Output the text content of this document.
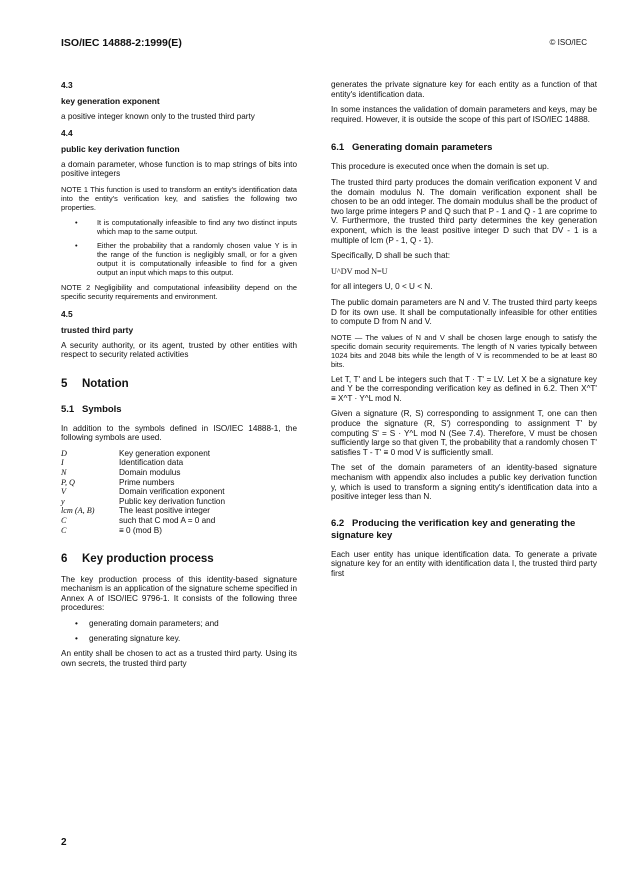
ISO/IEC 14888-2:1999(E)	© ISO/IEC

4.3

key generation exponent

a positive integer known only to the trusted third party

4.4

public key derivation function

a domain parameter, whose function is to map strings of bits into positive integers

NOTE 1 This function is used to transform an entity's identification data into the entity's verification key, and satisfies the following two properties.

• It is computationally infeasible to find any two distinct inputs which map to the same output.
• Either the probability that a randomly chosen value Y is in the range of the function is negligibly small, or for a given output it is computationally infeasible to find for a given output an input which maps to this output.

NOTE 2 Negligibility and computational infeasibility depend on the specific security requirements and environment.

4.5

trusted third party

A security authority, or its agent, trusted by other entities with respect to security related activities

5 Notation
5.1 Symbols

In addition to the symbols defined in ISO/IEC 14888-1, the following symbols are used.

D	Key generation exponent
I	Identification data
N	Domain modulus
P, Q	Prime numbers
V	Domain verification exponent
y	Public key derivation function
lcm (A, B)	The least positive integer
C	such that C mod A = 0 and
C	≡ 0 (mod B)
6 Key production process

The key production process of this identity-based signature mechanism is an application of the signature scheme specified in Annex A of ISO/IEC 9796-1. It consists of the following three procedures:

• generating domain parameters; and
• generating signature key.

An entity shall be chosen to act as a trusted third party. Using its own secrets, the trusted third party

generates the private signature key for each entity as a function of that entity's identification data.

In some instances the validation of domain parameters and keys, may be required. However, it is outside the scope of this part of ISO/IEC 14888.

6.1 Generating domain parameters

This procedure is executed once when the domain is set up.

The trusted third party produces the domain verification exponent V and the domain modulus N. The domain verification exponent shall be chosen to be an odd integer. The domain modulus shall be the product of two large prime integers P and Q such that P - 1 and Q - 1 are coprime to V. Furthermore, the trusted third party determines the key generation exponent, which is the least positive integer D such that DV - 1 is a multiple of lcm (P - 1, Q - 1).

Specifically, D shall be such that:

U^DV mod N=U

for all integers U, 0 < U < N.

The public domain parameters are N and V. The trusted third party keeps D for its own use. It shall be computationally infeasible for other entities to compute D from N and V.

NOTE — The values of N and V shall be chosen large enough to satisfy the specific domain security requirements. The length of N varies typically between 1024 bits and 2048 bits while the length of V is recommended to be at least 80 bits.

Let T, T' and L be integers such that T · T' = LV. Let X be a signature key and Y be the corresponding verification key as defined in 6.2. Then X^T' ≡ X^T · Y^L mod N.

Given a signature (R, S) corresponding to assignment T, one can then produce the signature (R, S') corresponding to assignment T' by computing S' = S · Y^L mod N (See 7.4). Therefore, V must be chosen sufficiently large so that given T, the probability that a randomly chosen T' satisfies T - T' ≡ 0 mod V is sufficiently small.

The set of the domain parameters of an identity-based signature mechanism with appendix also includes a public key derivation function y, which is used to transform a signing entity's identification data into a positive integer less than N.

6.2 Producing the verification key and generating the signature key

Each user entity has unique identification data. To generate a private signature key for an entity with identification data I, the trusted third party first

2
